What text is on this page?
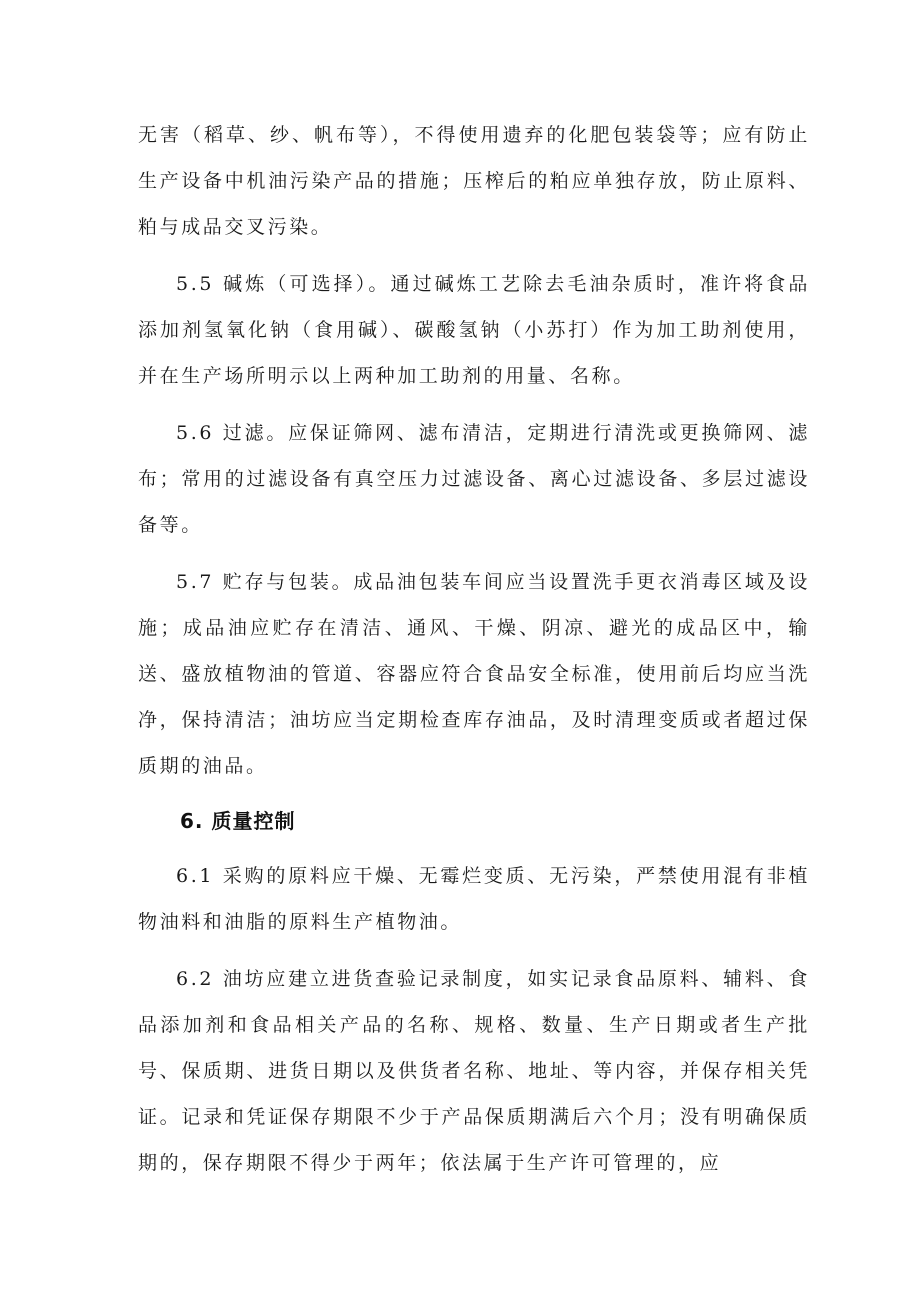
无害（稻草、纱、帆布等），不得使用遗弃的化肥包装袋等；应有防止生产设备中机油污染产品的措施；压榨后的粕应单独存放，防止原料、粕与成品交叉污染。

5.5 碱炼（可选择）。通过碱炼工艺除去毛油杂质时，准许将食品添加剂氢氧化钠（食用碱）、碳酸氢钠（小苏打）作为加工助剂使用，并在生产场所明示以上两种加工助剂的用量、名称。

5.6 过滤。应保证筛网、滤布清洁，定期进行清洗或更换筛网、滤布；常用的过滤设备有真空压力过滤设备、离心过滤设备、多层过滤设备等。

5.7 贮存与包装。成品油包装车间应当设置洗手更衣消毒区域及设施；成品油应贮存在清洁、通风、干燥、阴凉、避光的成品区中，输送、盛放植物油的管道、容器应符合食品安全标准，使用前后均应当洗净，保持清洁；油坊应当定期检查库存油品，及时清理变质或者超过保质期的油品。

6. 质量控制

6.1 采购的原料应干燥、无霉烂变质、无污染，严禁使用混有非植物油料和油脂的原料生产植物油。

6.2 油坊应建立进货查验记录制度，如实记录食品原料、辅料、食品添加剂和食品相关产品的名称、规格、数量、生产日期或者生产批号、保质期、进货日期以及供货者名称、地址、等内容，并保存相关凭证。记录和凭证保存期限不少于产品保质期满后六个月；没有明确保质期的，保存期限不得少于两年；依法属于生产许可管理的，应
